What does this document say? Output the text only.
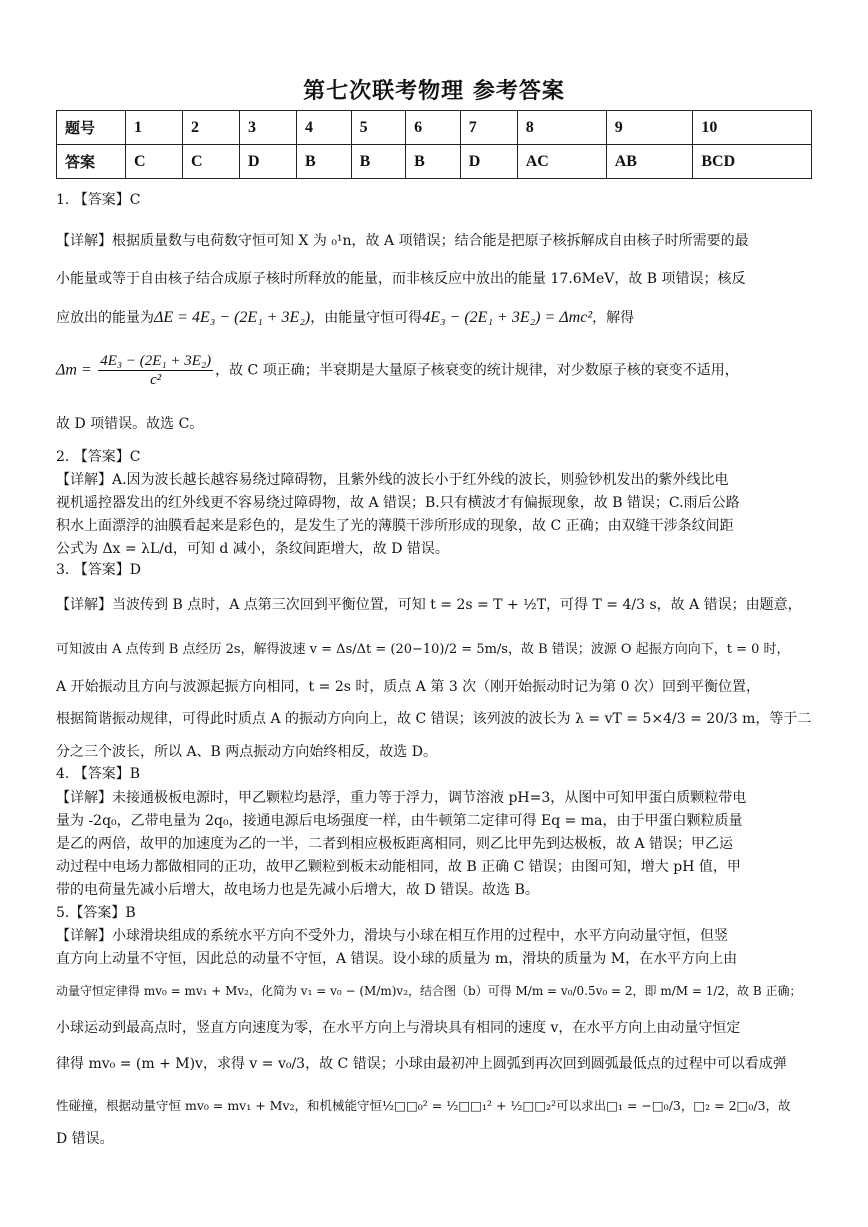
第七次联考物理 参考答案
题号	1	2	3	4	5	6	7	8	9	10
答案	C	C	D	B	B	B	D	AC	AB	BCD
1. 【答案】C
【详解】根据质量数与电荷数守恒可知 X 为 ₀¹n，故 A 项错误；结合能是把原子核拆解成自由核子时所需要的最
小能量或等于自由核子结合成原子核时所释放的能量，而非核反应中放出的能量 17.6MeV，故 B 项错误；核反
应放出的能量为ΔE = 4E₃ − (2E₁ + 3E₂)，由能量守恒可得4E₃ − (2E₁ + 3E₂) = Δmc²，解得
$\Delta m = \frac{\text{4E₃ − (2E₁ + 3E₂)}}{\text{c²}}$ ，故 C 项正确；半衰期是大量原子核衰变的统计规律，对少数原子核的衰变不适用，
故 D 项错误。故选 C。
2. 【答案】C
【详解】A.因为波长越长越容易绕过障碍物，且紫外线的波长小于红外线的波长，则验钞机发出的紫外线比电
视机遥控器发出的红外线更不容易绕过障碍物，故 A 错误；B.只有横波才有偏振现象，故 B 错误；C.雨后公路
积水上面漂浮的油膜看起来是彩色的，是发生了光的薄膜干涉所形成的现象，故 C 正确；由双缝干涉条纹间距
公式为 Δx = λL/d，可知 d 减小，条纹间距增大，故 D 错误。
3. 【答案】D
【详解】当波传到 B 点时，A 点第三次回到平衡位置，可知 t = 2s = T + ½T，可得 T = 4/3 s，故 A 错误；由题意，
可知波由 A 点传到 B 点经历 2s，解得波速 v = Δs/Δt = (20−10)/2 = 5m/s，故 B 错误；波源 O 起振方向向下，t = 0 时，
A 开始振动且方向与波源起振方向相同，t = 2s 时，质点 A 第 3 次（刚开始振动时记为第 0 次）回到平衡位置，
根据简谐振动规律，可得此时质点 A 的振动方向向上，故 C 错误；该列波的波长为 λ = vT = 5×4/3 = 20/3 m，等于二
分之三个波长，所以 A、B 两点振动方向始终相反，故选 D。
4. 【答案】B
【详解】未接通极板电源时，甲乙颗粒均悬浮，重力等于浮力，调节溶液 pH=3，从图中可知甲蛋白质颗粒带电
量为 -2q₀，乙带电量为 2q₀，接通电源后电场强度一样，由牛顿第二定律可得 Eq = ma，由于甲蛋白颗粒质量
是乙的两倍，故甲的加速度为乙的一半，二者到相应极板距离相同，则乙比甲先到达极板，故 A 错误；甲乙运
动过程中电场力都做相同的正功，故甲乙颗粒到板末动能相同，故 B 正确 C 错误；由图可知，增大 pH 值，甲
带的电荷量先减小后增大，故电场力也是先减小后增大，故 D 错误。故选 B。
5.【答案】B
【详解】小球滑块组成的系统水平方向不受外力，滑块与小球在相互作用的过程中，水平方向动量守恒，但竖
直方向上动量不守恒，因此总的动量不守恒，A 错误。设小球的质量为 m，滑块的质量为 M，在水平方向上由
动量守恒定律得 mv₀ = mv₁ + Mv₂，化简为 v₁ = v₀ − (M/m)v₂，结合图（b）可得 M/m = v₀/0.5v₀ = 2，即 m/M = 1/2，故 B 正确；
小球运动到最高点时，竖直方向速度为零，在水平方向上与滑块具有相同的速度 v，在水平方向上由动量守恒定
律得 mv₀ = (m + M)v，求得 v = v₀/3，故 C 错误；小球由最初冲上圆弧到再次回到圆弧最低点的过程中可以看成弹
性碰撞，根据动量守恒 mv₀ = mv₁ + Mv₂，和机械能守恒½□□₀² = ½□□₁² + ½□□₂²可以求出□₁ = −□₀/3，□₂ = 2□₀/3，故
D 错误。
